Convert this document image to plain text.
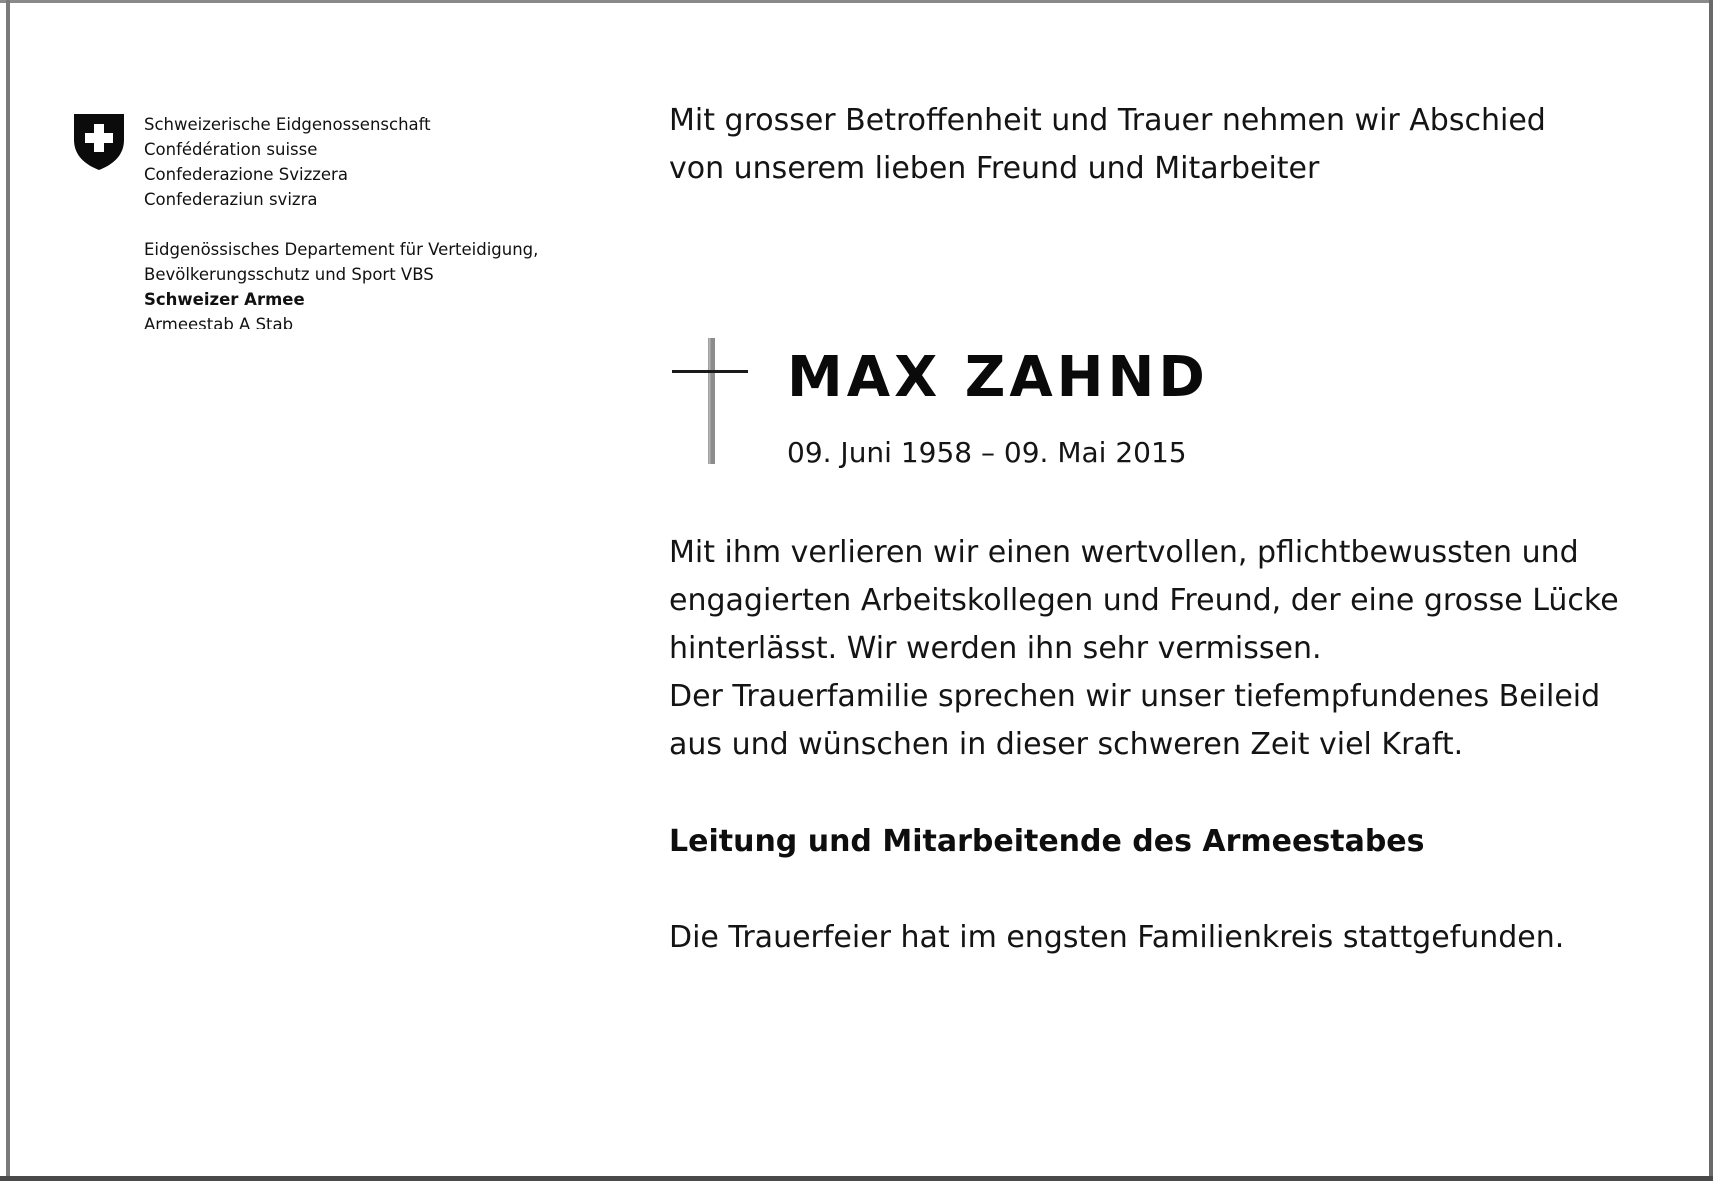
Schweizerische Eidgenossenschaft
Confédération suisse
Confederazione Svizzera
Confederaziun svizra
Eidgenössisches Departement für Verteidigung,
Bevölkerungsschutz und Sport VBS
Schweizer Armee
Armeestab A Stab
Mit grosser Betroffenheit und Trauer nehmen wir Abschied
von unserem lieben Freund und Mitarbeiter
MAX ZAHND
09. Juni 1958 – 09. Mai 2015
Mit ihm verlieren wir einen wertvollen, pflichtbewussten und
engagierten Arbeitskollegen und Freund, der eine grosse Lücke
hinterlässt. Wir werden ihn sehr vermissen.
Der Trauerfamilie sprechen wir unser tiefempfundenes Beileid
aus und wünschen in dieser schweren Zeit viel Kraft.
Leitung und Mitarbeitende des Armeestabes
Die Trauerfeier hat im engsten Familienkreis stattgefunden.
